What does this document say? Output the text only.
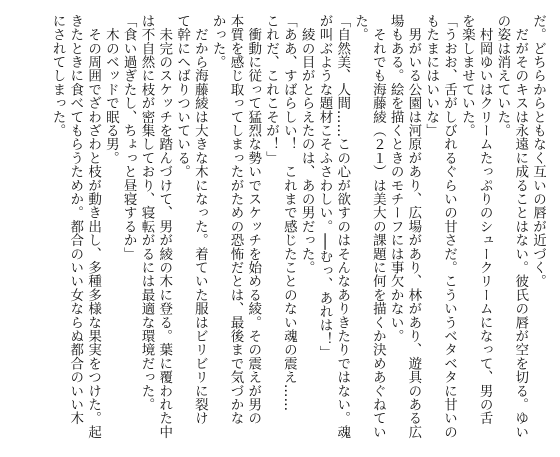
だ。どちらからともなく互いの唇が近づく。
　だがそのキスは永遠に成ることはない。彼氏の唇が空を切る。ゆい
の姿は消えていた。
　村岡ゆいはクリームたっぷりのシュークリームになって、男の舌
を楽しませていた。
「うおお、舌がしびれるぐらいの甘さだ。こういうベタベタに甘いの
もたまにはいいな」
　男がいる公園は河原があり、広場があり、林があり、遊具のある広
場もある。絵を描くときのモチーフには事欠かない。
　それでも海藤綾（２１）は美大の課題に何を描くか決めあぐねてい
た。
「自然美、人間……この心が欲すのはそんなありきたりではない。魂
が叫ぶような題材こそふさわしい。──むっ、あれは！」
　綾の目がとらえたのは、あの男だった。
「ああ、すばらしい！　これまで感じたことのない魂の震え……
これだ、これこそが！」
　衝動に従って猛烈な勢いでスケッチを始める綾。その震えが男の
本質を感じ取ってしまったがための恐怖だとは、最後まで気づかな
かった。
　だから海藤綾は大きな木になった。着ていた服はビリビリに裂け
て幹にへばりついている。
　未完のスケッチを踏んづけて、男が綾の木に登る。葉に覆われた中
は不自然に枝が密集しており、寝転がるには最適な環境だった。
「食い過ぎたし、ちょっと昼寝するか」
　木のベッドで眠る男。
　その周囲でざわざわと枝が動き出し、多種多様な果実をつけた。起
きたときに食べてもらうためか。都合のいい女ならぬ都合のいい木
にされてしまった。
